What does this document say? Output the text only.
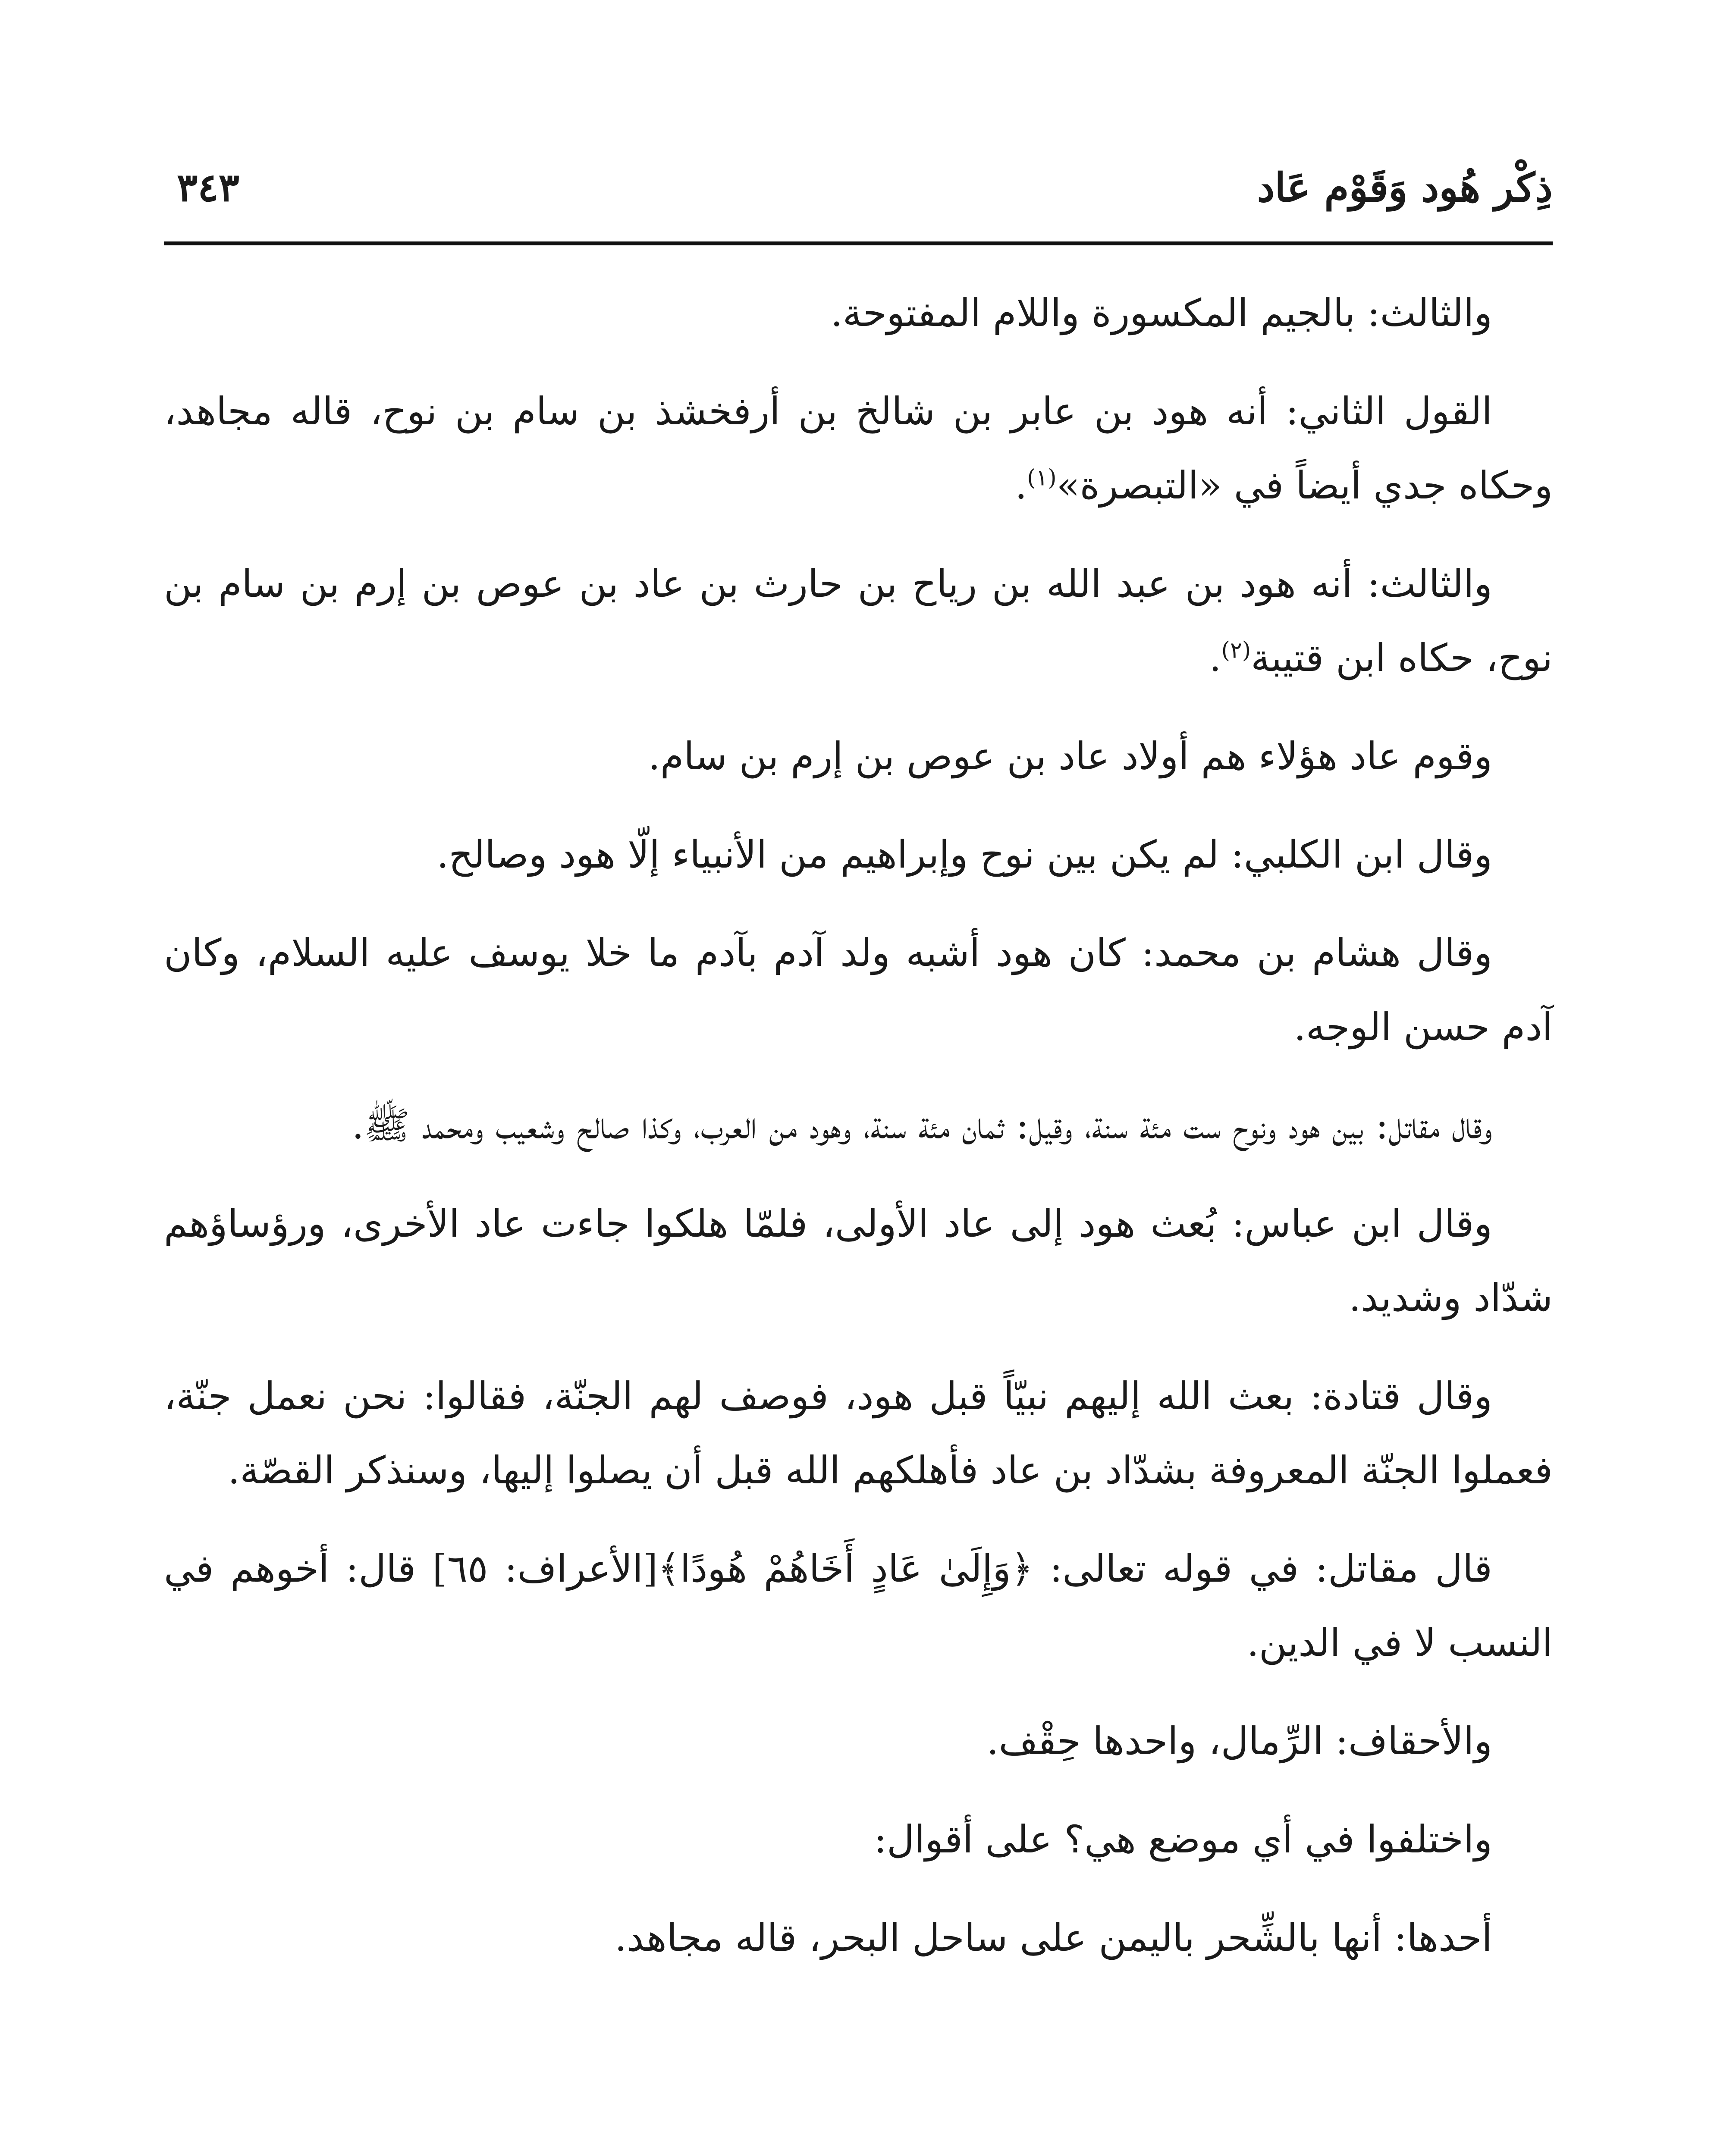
ذِكْر هُود وَقَوْم عَاد
٣٤٣

والثالث: بالجيم المكسورة واللام المفتوحة.

القول الثاني: أنه هود بن عابر بن شالخ بن أرفخشذ بن سام بن نوح، قاله مجاهد، وحكاه جدي أيضاً في «التبصرة»$^{(١)}$.

والثالث: أنه هود بن عبد الله بن رياح بن حارث بن عاد بن عوص بن إرم بن سام بن نوح، حكاه ابن قتيبة$^{(٢)}$.

وقوم عاد هؤلاء هم أولاد عاد بن عوص بن إرم بن سام.

وقال ابن الكلبي: لم يكن بين نوح وإبراهيم من الأنبياء إلّا هود وصالح.

وقال هشام بن محمد: كان هود أشبه ولد آدم بآدم ما خلا يوسف عليه السلام، وكان آدم حسن الوجه.

وقال مقاتل: بين هود ونوح ست مئة سنة، وقيل: ثمان مئة سنة، وهود من العرب، وكذا صالح وشعيب ومحمد ﷺ.

وقال ابن عباس: بُعث هود إلى عاد الأولى، فلمّا هلكوا جاءت عاد الأخرى، ورؤساؤهم شدّاد وشديد.

وقال قتادة: بعث الله إليهم نبيّاً قبل هود، فوصف لهم الجنّة، فقالوا: نحن نعمل جنّة، فعملوا الجنّة المعروفة بشدّاد بن عاد فأهلكهم الله قبل أن يصلوا إليها، وسنذكر القصّة.

قال مقاتل: في قوله تعالى: ﴿وَإِلَىٰ عَادٍ أَخَاهُمْ هُودًا﴾[الأعراف: ٦٥] قال: أخوهم في النسب لا في الدين.

والأحقاف: الرِّمال، واحدها حِقْف.

واختلفوا في أي موضع هي؟ على أقوال:

أحدها: أنها بالشِّحر باليمن على ساحل البحر، قاله مجاهد.
